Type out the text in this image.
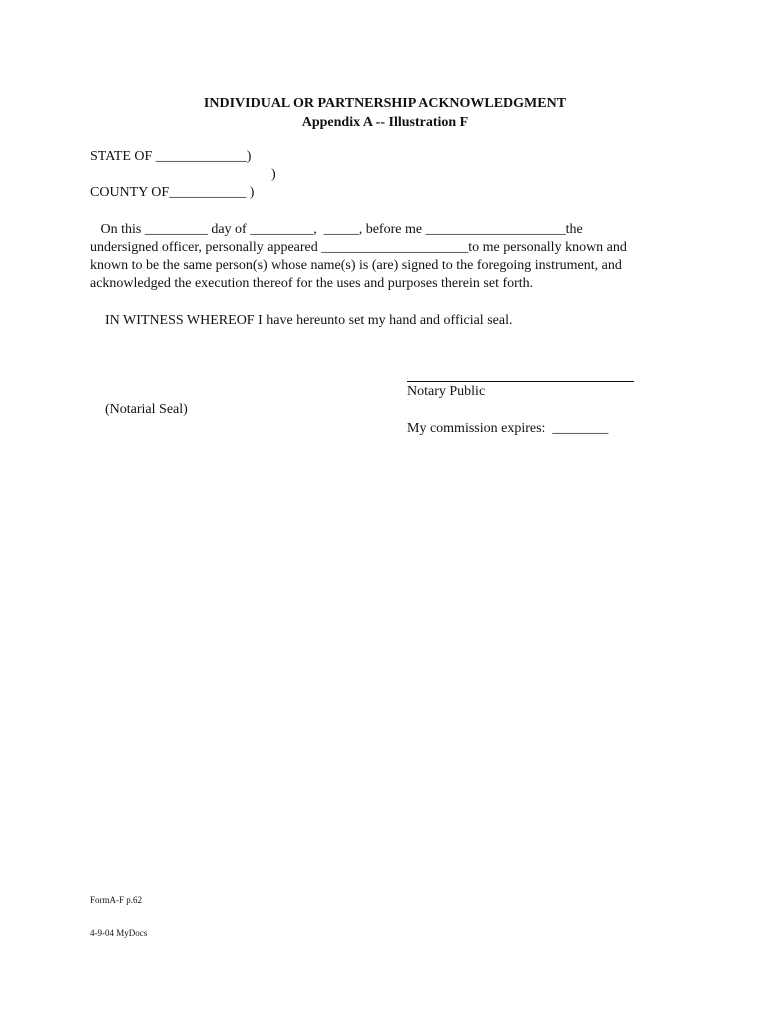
INDIVIDUAL OR PARTNERSHIP ACKNOWLEDGMENT
Appendix A -- Illustration F
STATE OF _____________)
)
COUNTY OF___________ )
On this _________ day of _________,  _____, before me ____________________the
undersigned officer, personally appeared _____________________to me personally known and
known to be the same person(s) whose name(s) is (are) signed to the foregoing instrument, and
acknowledged the execution thereof for the uses and purposes therein set forth.
IN WITNESS WHEREOF I have hereunto set my hand and official seal.
Notary Public
(Notarial Seal)
My commission expires:  ________

FormA-F p.62

4-9-04 MyDocs
